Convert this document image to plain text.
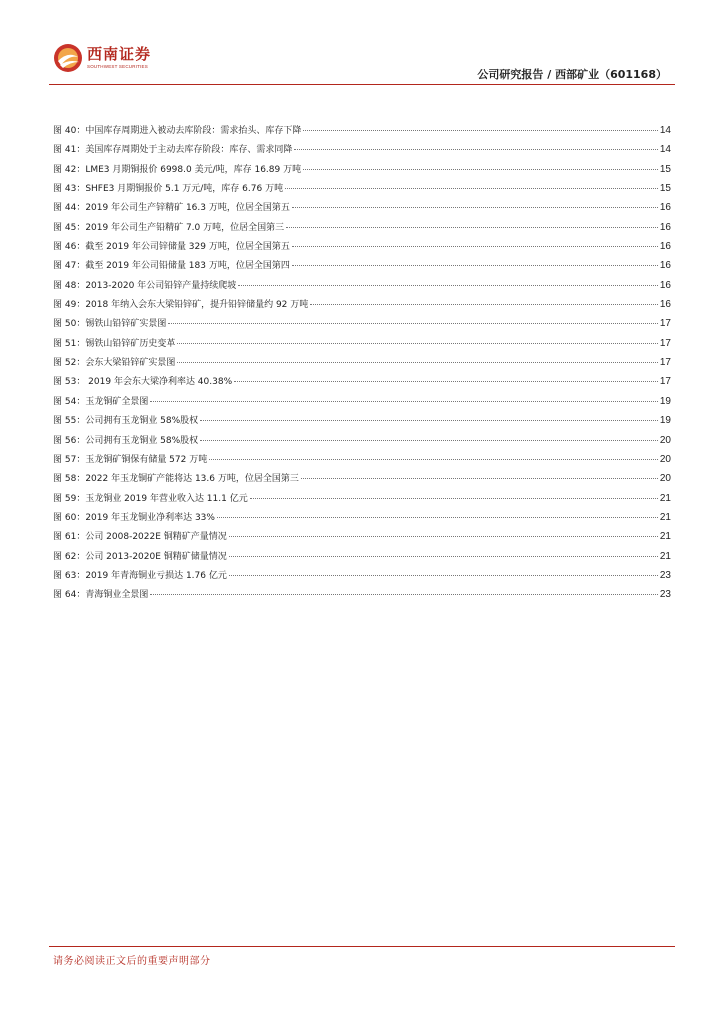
西南证券
SOUTHWEST SECURITIES
公司研究报告 / 西部矿业（601168）
图 40：中国库存周期进入被动去库阶段：需求抬头、库存下降	14
图 41：美国库存周期处于主动去库存阶段：库存、需求同降	14
图 42：LME3 月期铜报价 6998.0 美元/吨，库存 16.89 万吨	15
图 43：SHFE3 月期铜报价 5.1 万元/吨，库存 6.76 万吨	15
图 44：2019 年公司生产锌精矿 16.3 万吨，位居全国第五	16
图 45：2019 年公司生产铅精矿 7.0 万吨，位居全国第三	16
图 46：截至 2019 年公司锌储量 329 万吨，位居全国第五	16
图 47：截至 2019 年公司铅储量 183 万吨，位居全国第四	16
图 48：2013-2020 年公司铅锌产量持续爬坡	16
图 49：2018 年纳入会东大梁铅锌矿，提升铅锌储量约 92 万吨	16
图 50：锡铁山铅锌矿实景图	17
图 51：锡铁山铅锌矿历史变革	17
图 52：会东大梁铅锌矿实景图	17
图 53： 2019 年会东大梁净利率达 40.38%	17
图 54：玉龙铜矿全景图	19
图 55：公司拥有玉龙铜业 58%股权	19
图 56：公司拥有玉龙铜业 58%股权	20
图 57：玉龙铜矿铜保有储量 572 万吨	20
图 58：2022 年玉龙铜矿产能将达 13.6 万吨，位居全国第三	20
图 59：玉龙铜业 2019 年营业收入达 11.1 亿元	21
图 60：2019 年玉龙铜业净利率达 33%	21
图 61：公司 2008-2022E 铜精矿产量情况	21
图 62：公司 2013-2020E 铜精矿储量情况	21
图 63：2019 年青海铜业亏损达 1.76 亿元	23
图 64：青海铜业全景图	23
请务必阅读正文后的重要声明部分
